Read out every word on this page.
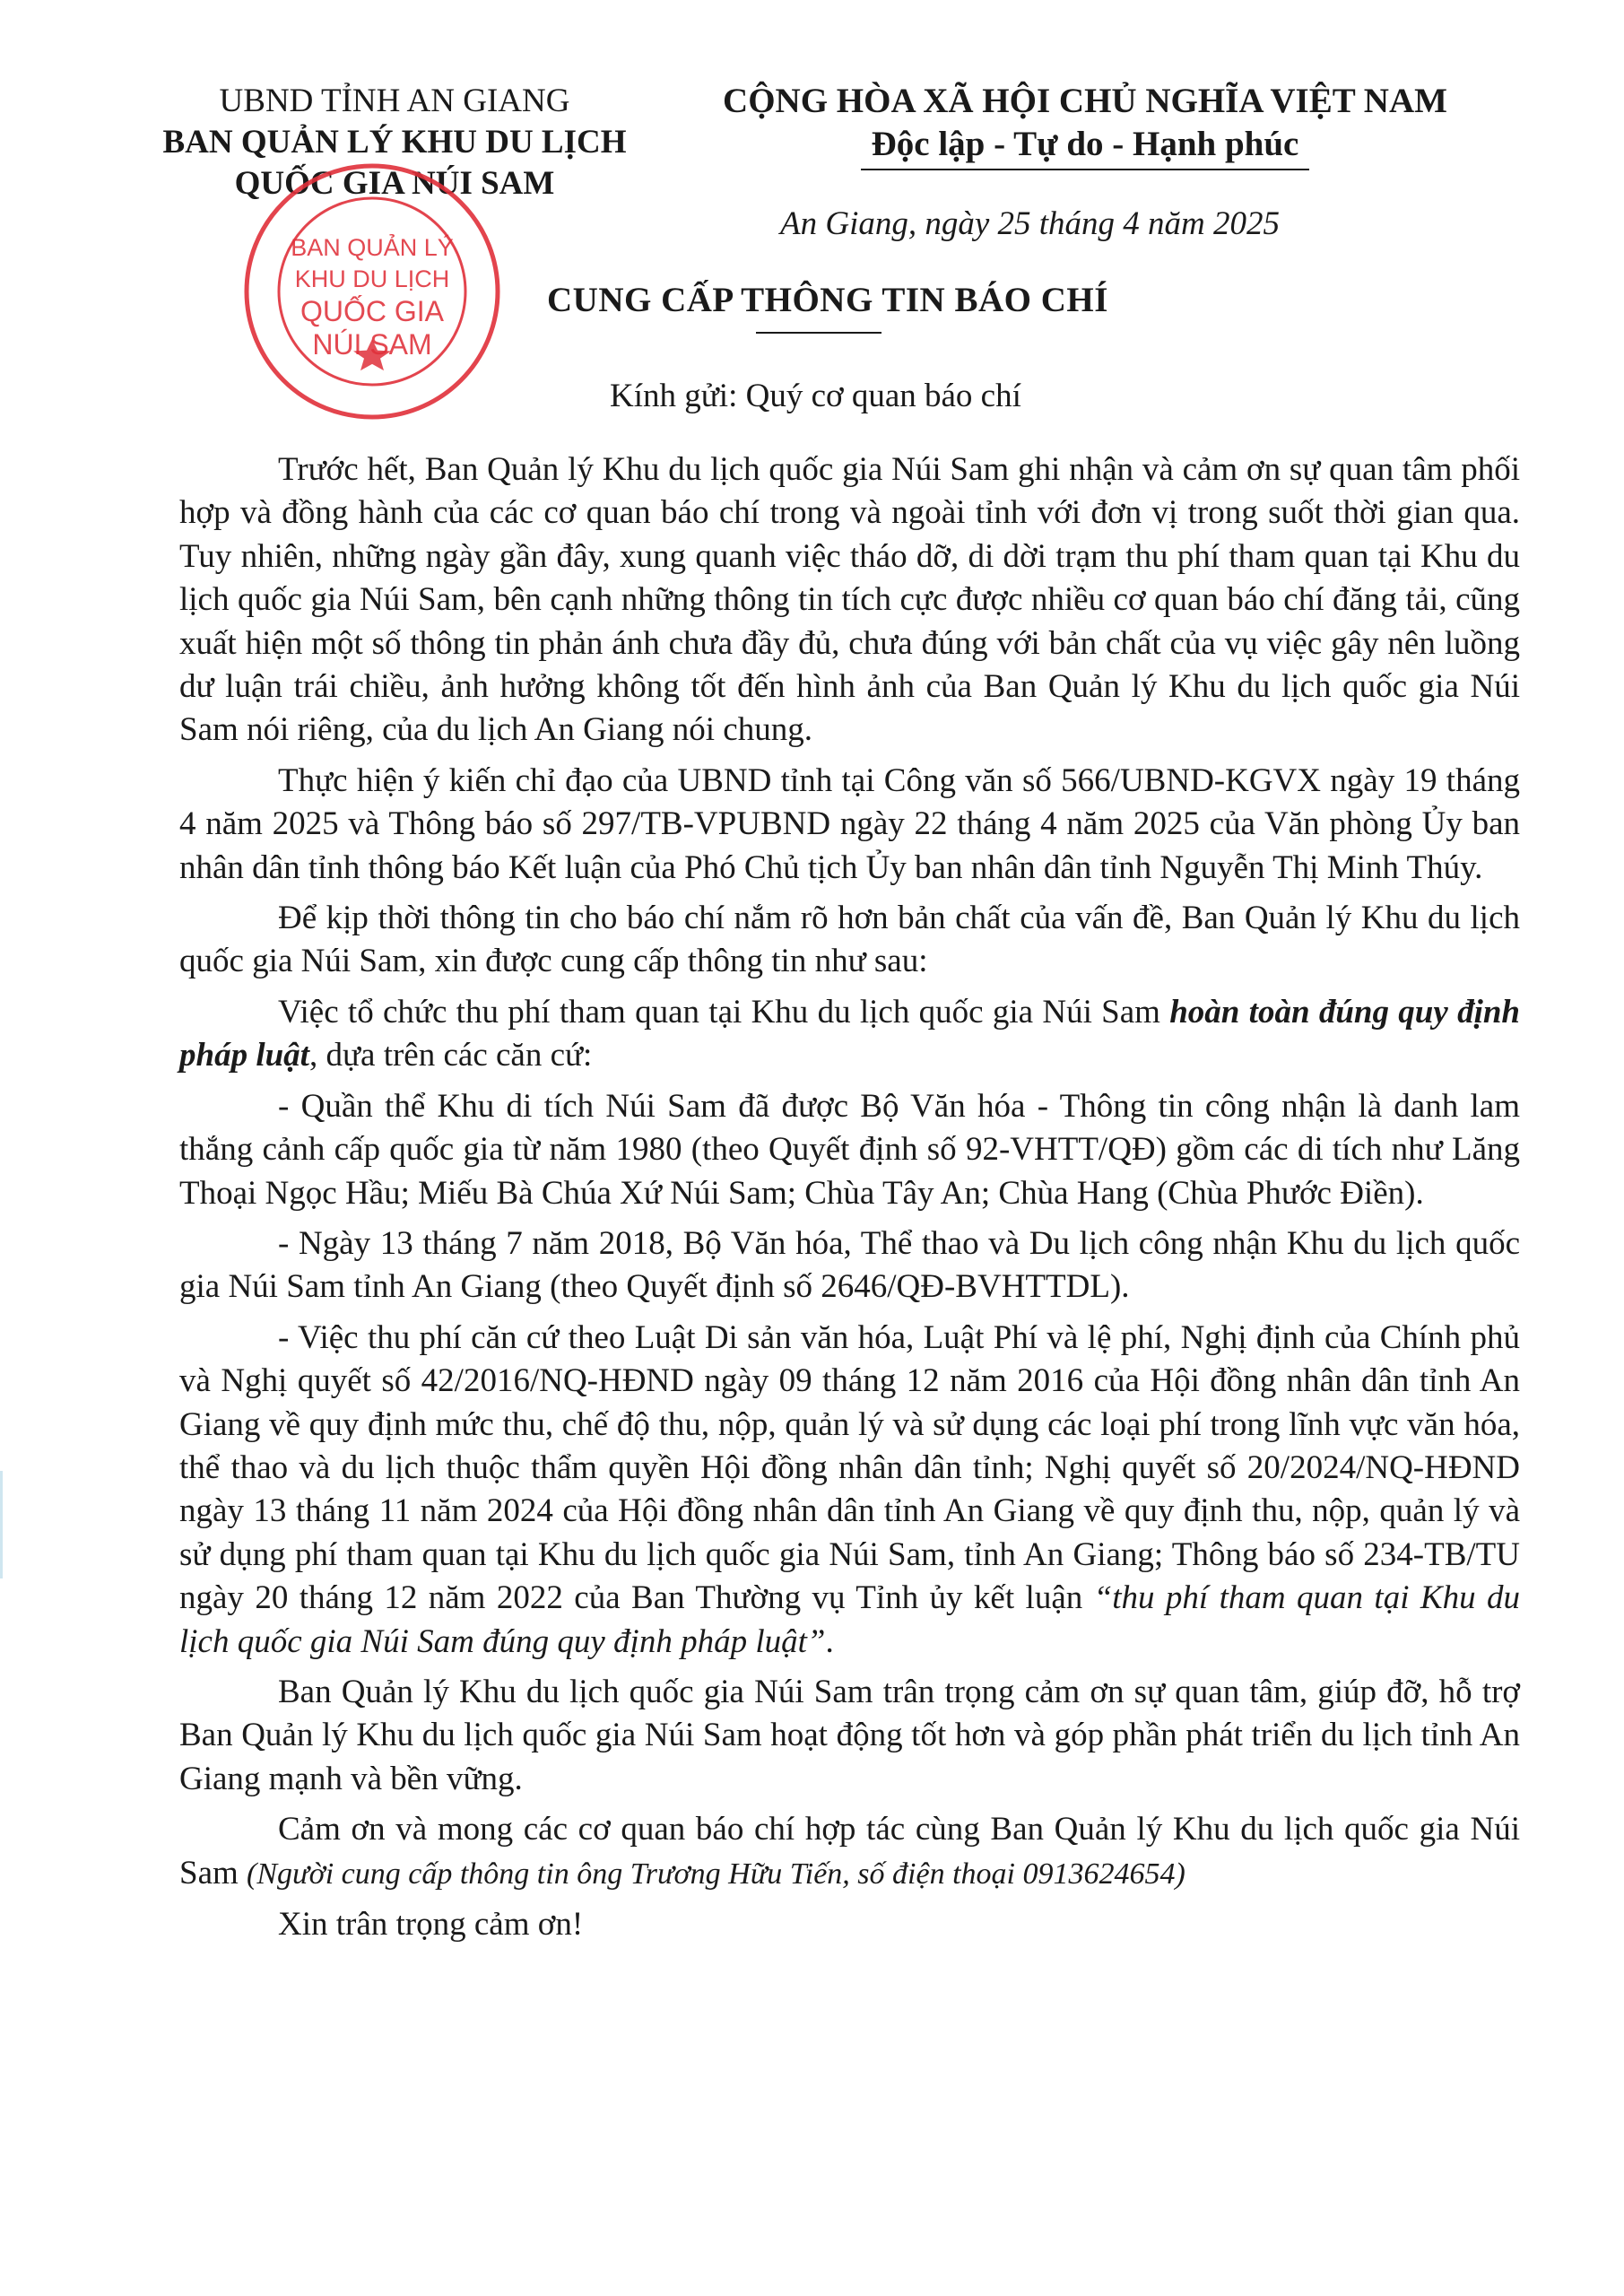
UBND TỈNH AN GIANG
BAN QUẢN LÝ KHU DU LỊCH
QUỐC GIA NÚI SAM
CỘNG HÒA XÃ HỘI CHỦ NGHĨA VIỆT NAM
Độc lập - Tự do - Hạnh phúc
An Giang, ngày 25 tháng 4 năm 2025
CUNG CẤP THÔNG TIN BÁO CHÍ
Kính gửi: Quý cơ quan báo chí
BAN QUẢN LÝ
KHU DU LỊCH
QUỐC GIA
NÚI SAM

Trước hết, Ban Quản lý Khu du lịch quốc gia Núi Sam ghi nhận và cảm ơn sự quan tâm phối hợp và đồng hành của các cơ quan báo chí trong và ngoài tỉnh với đơn vị trong suốt thời gian qua. Tuy nhiên, những ngày gần đây, xung quanh việc tháo dỡ, di dời trạm thu phí tham quan tại Khu du lịch quốc gia Núi Sam, bên cạnh những thông tin tích cực được nhiều cơ quan báo chí đăng tải, cũng xuất hiện một số thông tin phản ánh chưa đầy đủ, chưa đúng với bản chất của vụ việc gây nên luồng dư luận trái chiều, ảnh hưởng không tốt đến hình ảnh của Ban Quản lý Khu du lịch quốc gia Núi Sam nói riêng, của du lịch An Giang nói chung.

Thực hiện ý kiến chỉ đạo của UBND tỉnh tại Công văn số 566/UBND-KGVX ngày 19 tháng 4 năm 2025 và Thông báo số 297/TB-VPUBND ngày 22 tháng 4 năm 2025 của Văn phòng Ủy ban nhân dân tỉnh thông báo Kết luận của Phó Chủ tịch Ủy ban nhân dân tỉnh Nguyễn Thị Minh Thúy.

Để kịp thời thông tin cho báo chí nắm rõ hơn bản chất của vấn đề, Ban Quản lý Khu du lịch quốc gia Núi Sam, xin được cung cấp thông tin như sau:

Việc tổ chức thu phí tham quan tại Khu du lịch quốc gia Núi Sam hoàn toàn đúng quy định pháp luật, dựa trên các căn cứ:

- Quần thể Khu di tích Núi Sam đã được Bộ Văn hóa - Thông tin công nhận là danh lam thắng cảnh cấp quốc gia từ năm 1980 (theo Quyết định số 92-VHTT/QĐ) gồm các di tích như Lăng Thoại Ngọc Hầu; Miếu Bà Chúa Xứ Núi Sam; Chùa Tây An; Chùa Hang (Chùa Phước Điền).

- Ngày 13 tháng 7 năm 2018, Bộ Văn hóa, Thể thao và Du lịch công nhận Khu du lịch quốc gia Núi Sam tỉnh An Giang (theo Quyết định số 2646/QĐ-BVHTTDL).

- Việc thu phí căn cứ theo Luật Di sản văn hóa, Luật Phí và lệ phí, Nghị định của Chính phủ và Nghị quyết số 42/2016/NQ-HĐND ngày 09 tháng 12 năm 2016 của Hội đồng nhân dân tỉnh An Giang về quy định mức thu, chế độ thu, nộp, quản lý và sử dụng các loại phí trong lĩnh vực văn hóa, thể thao và du lịch thuộc thẩm quyền Hội đồng nhân dân tỉnh; Nghị quyết số 20/2024/NQ-HĐND ngày 13 tháng 11 năm 2024 của Hội đồng nhân dân tỉnh An Giang về quy định thu, nộp, quản lý và sử dụng phí tham quan tại Khu du lịch quốc gia Núi Sam, tỉnh An Giang; Thông báo số 234-TB/TU ngày 20 tháng 12 năm 2022 của Ban Thường vụ Tỉnh ủy kết luận “thu phí tham quan tại Khu du lịch quốc gia Núi Sam đúng quy định pháp luật”.

Ban Quản lý Khu du lịch quốc gia Núi Sam trân trọng cảm ơn sự quan tâm, giúp đỡ, hỗ trợ Ban Quản lý Khu du lịch quốc gia Núi Sam hoạt động tốt hơn và góp phần phát triển du lịch tỉnh An Giang mạnh và bền vững.

Cảm ơn và mong các cơ quan báo chí hợp tác cùng Ban Quản lý Khu du lịch quốc gia Núi Sam (Người cung cấp thông tin ông Trương Hữu Tiến, số điện thoại 0913624654)

Xin trân trọng cảm ơn!
